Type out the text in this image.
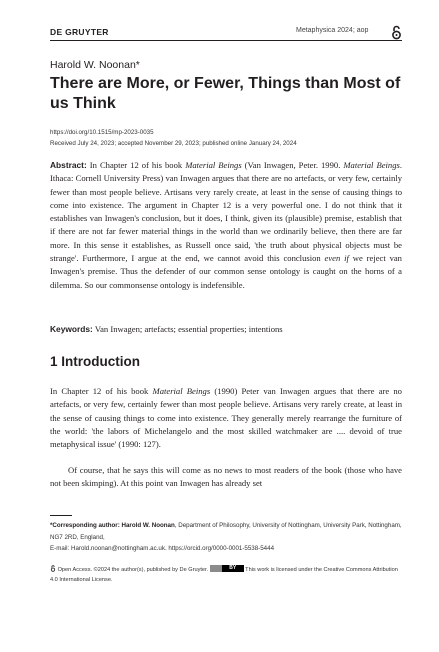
DE GRUYTER	Metaphysica 2024; aop
Harold W. Noonan*
There are More, or Fewer, Things than Most of us Think
https://doi.org/10.1515/mp-2023-0035
Received July 24, 2023; accepted November 29, 2023; published online January 24, 2024

Abstract: In Chapter 12 of his book Material Beings (Van Inwagen, Peter. 1990. Material Beings. Ithaca: Cornell University Press) van Inwagen argues that there are no artefacts, or very few, certainly fewer than most people believe. Artisans very rarely create, at least in the sense of causing things to come into existence. The argument in Chapter 12 is a very powerful one. I do not think that it establishes van Inwagen's conclusion, but it does, I think, given its (plausible) premise, establish that if there are not far fewer material things in the world than we ordinarily believe, then there are far more. In this sense it establishes, as Russell once said, 'the truth about physical objects must be strange'. Furthermore, I argue at the end, we cannot avoid this conclusion even if we reject van Inwagen's premise. Thus the defender of our common sense ontology is caught on the horns of a dilemma. So our commonsense ontology is indefensible.

Keywords: Van Inwagen; artefacts; essential properties; intentions

1 Introduction

In Chapter 12 of his book Material Beings (1990) Peter van Inwagen argues that there are no artefacts, or very few, certainly fewer than most people believe. Artisans very rarely create, at least in the sense of causing things to come into existence. They generally merely rearrange the furniture of the world: 'the labors of Michelangelo and the most skilled watchmaker are .... devoid of true metaphysical issue' (1990: 127).

Of course, that he says this will come as no news to most readers of the book (those who have not been skimping). At this point van Inwagen has already set

*Corresponding author: Harold W. Noonan, Department of Philosophy, University of Nottingham, University Park, Nottingham, NG7 2RD, England,
E-mail: Harold.noonan@nottingham.ac.uk. https://orcid.org/0000-0001-5538-5444

Open Access. ©2024 the author(s), published by De Gruyter.	BY	This work is licensed under the Creative Commons Attribution 4.0 International License.
